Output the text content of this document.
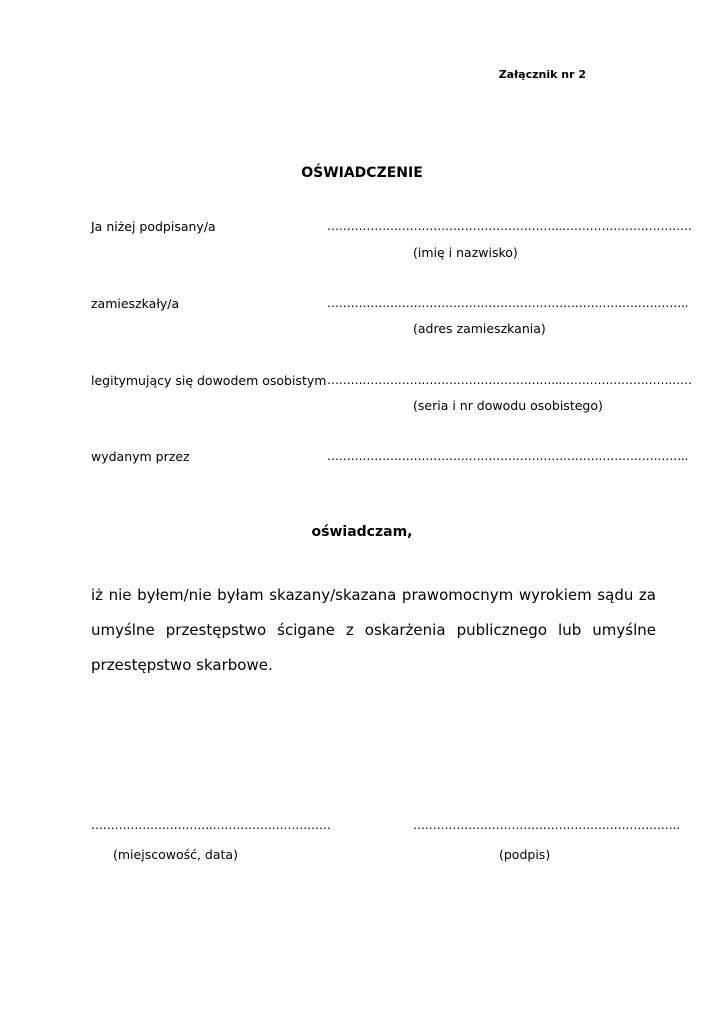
Załącznik nr 2
OŚWIADCZENIE
Ja niżej podpisany/a	…………………………………………………...……………………………
(imię i nazwisko)
zamieszkały/a	………………………………………………………………………………..
(adres zamieszkania)
legitymujący się dowodem osobistym …………………………………………………...……………………………
(seria i nr dowodu osobistego)
wydanym przez	………………………………………………………………………………..
oświadczam,
iż nie byłem/nie byłam skazany/skazana prawomocnym wyrokiem sądu za umyślne przestępstwo ścigane z oskarżenia publicznego lub umyślne przestępstwo skarbowe.
………………………….…………………………	…………………………………………………………..
(miejscowość, data)	(podpis)
